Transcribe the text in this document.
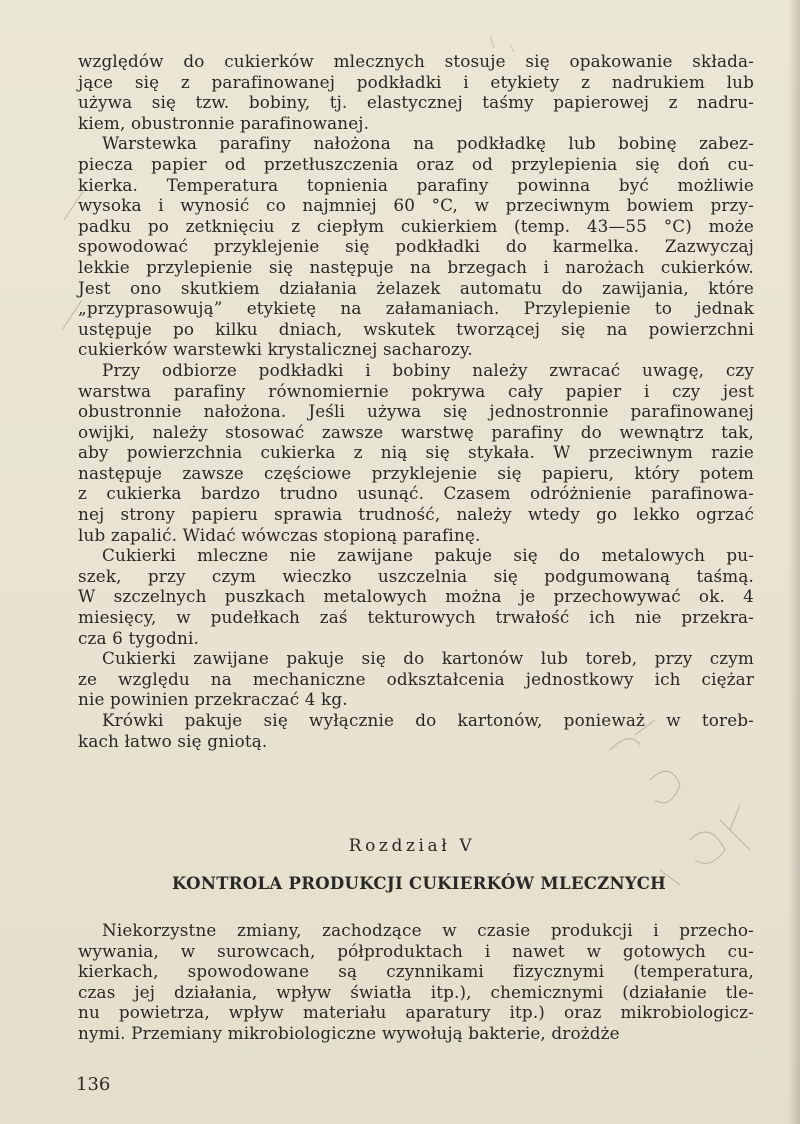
względów do cukierków mlecznych stosuje się opakowanie składa-
jące się z parafinowanej podkładki i etykiety z nadrukiem lub
używa się tzw. bobiny, tj. elastycznej taśmy papierowej z nadru-
kiem, obustronnie parafinowanej.
Warstewka parafiny nałożona na podkładkę lub bobinę zabez-
piecza papier od przetłuszczenia oraz od przylepienia się doń cu-
kierka. Temperatura topnienia parafiny powinna być możliwie
wysoka i wynosić co najmniej 60 °C, w przeciwnym bowiem przy-
padku po zetknięciu z ciepłym cukierkiem (temp. 43—55 °C) może
spowodować przyklejenie się podkładki do karmelka. Zazwyczaj
lekkie przylepienie się następuje na brzegach i narożach cukierków.
Jest ono skutkiem działania żelazek automatu do zawijania, które
„przyprasowują” etykietę na załamaniach. Przylepienie to jednak
ustępuje po kilku dniach, wskutek tworzącej się na powierzchni
cukierków warstewki krystalicznej sacharozy.
Przy odbiorze podkładki i bobiny należy zwracać uwagę, czy
warstwa parafiny równomiernie pokrywa cały papier i czy jest
obustronnie nałożona. Jeśli używa się jednostronnie parafinowanej
owijki, należy stosować zawsze warstwę parafiny do wewnątrz tak,
aby powierzchnia cukierka z nią się stykała. W przeciwnym razie
następuje zawsze częściowe przyklejenie się papieru, który potem
z cukierka bardzo trudno usunąć. Czasem odróżnienie parafinowa-
nej strony papieru sprawia trudność, należy wtedy go lekko ogrzać
lub zapalić. Widać wówczas stopioną parafinę.
Cukierki mleczne nie zawijane pakuje się do metalowych pu-
szek, przy czym wieczko uszczelnia się podgumowaną taśmą.
W szczelnych puszkach metalowych można je przechowywać ok. 4
miesięcy, w pudełkach zaś tekturowych trwałość ich nie przekra-
cza 6 tygodni.
Cukierki zawijane pakuje się do kartonów lub toreb, przy czym
ze względu na mechaniczne odkształcenia jednostkowy ich ciężar
nie powinien przekraczać 4 kg.
Krówki pakuje się wyłącznie do kartonów, ponieważ w toreb-
kach łatwo się gniotą.
Rozdział V
KONTROLA PRODUKCJI CUKIERKÓW MLECZNYCH
Niekorzystne zmiany, zachodzące w czasie produkcji i przecho-
wywania, w surowcach, półproduktach i nawet w gotowych cu-
kierkach, spowodowane są czynnikami fizycznymi (temperatura,
czas jej działania, wpływ światła itp.), chemicznymi (działanie tle-
nu powietrza, wpływ materiału aparatury itp.) oraz mikrobiologicz-
nymi. Przemiany mikrobiologiczne wywołują bakterie, drożdże
136
